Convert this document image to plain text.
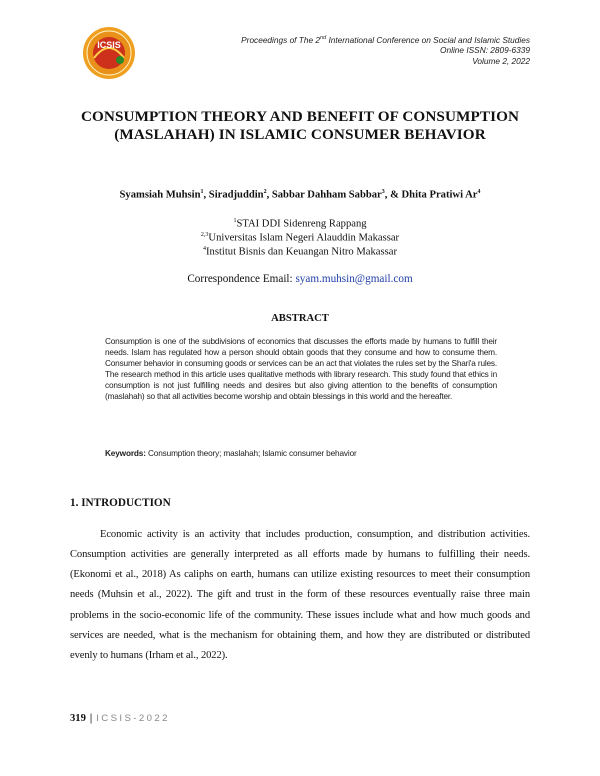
ICSIS
Proceedings of The 2nd International Conference on Social and Islamic Studies
Online ISSN: 2809-6339
Volume 2, 2022
CONSUMPTION THEORY AND BENEFIT OF CONSUMPTION (MASLAHAH) IN ISLAMIC CONSUMER BEHAVIOR
Syamsiah Muhsin$^1$, Siradjuddin$^2$, Sabbar Dahham Sabbar$^3$, & Dhita Pratiwi Ar$^4$
$^1$STAI DDI Sidenreng Rappang
$^{2,3}$Universitas Islam Negeri Alauddin Makassar
$^4$Institut Bisnis dan Keuangan Nitro Makassar
Correspondence Email: syam.muhsin@gmail.com
ABSTRACT
Consumption is one of the subdivisions of economics that discusses the efforts made by humans to fulfill their needs. Islam has regulated how a person should obtain goods that they consume and how to consume them. Consumer behavior in consuming goods or services can be an act that violates the rules set by the Shari'a rules. The research method in this article uses qualitative methods with library research. This study found that ethics in consumption is not just fulfilling needs and desires but also giving attention to the benefits of consumption (maslahah) so that all activities become worship and obtain blessings in this world and the hereafter.
Keywords: Consumption theory; maslahah; Islamic consumer behavior
1. INTRODUCTION

Economic activity is an activity that includes production, consumption, and distribution activities. Consumption activities are generally interpreted as all efforts made by humans to fulfilling their needs.(Ekonomi et al., 2018) As caliphs on earth, humans can utilize existing resources to meet their consumption needs (Muhsin et al., 2022). The gift and trust in the form of these resources eventually raise three main problems in the socio-economic life of the community. These issues include what and how much goods and services are needed, what is the mechanism for obtaining them, and how they are distributed or distributed evenly to humans (Irham et al., 2022).

319 | ICSIS-2022
